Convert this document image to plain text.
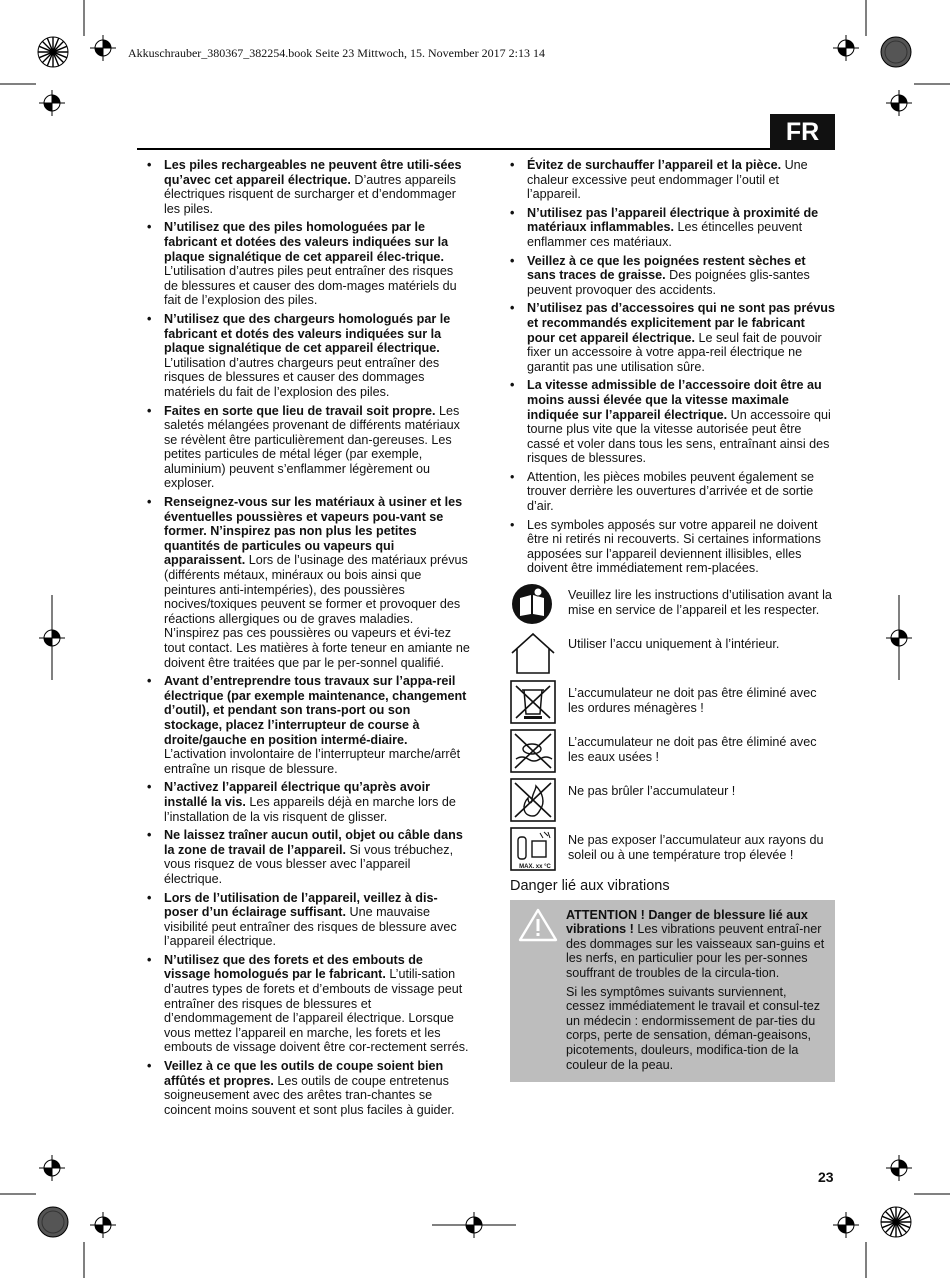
Akkuschrauber_380367_382254.book Seite 23 Mittwoch, 15. November 2017 2:13 14
FR
• Les piles rechargeables ne peuvent être utili-sées qu’avec cet appareil électrique. D’autres appareils électriques risquent de surcharger et d’endommager les piles.
• N’utilisez que des piles homologuées par le fabricant et dotées des valeurs indiquées sur la plaque signalétique de cet appareil élec-trique. L’utilisation d’autres piles peut entraîner des risques de blessures et causer des dom-mages matériels du fait de l’explosion des piles.
• N’utilisez que des chargeurs homologués par le fabricant et dotés des valeurs indiquées sur la plaque signalétique de cet appareil électrique. L’utilisation d’autres chargeurs peut entraîner des risques de blessures et causer des dommages matériels du fait de l’explosion des piles.
• Faites en sorte que lieu de travail soit propre. Les saletés mélangées provenant de différents matériaux se révèlent être particulièrement dan-gereuses. Les petites particules de métal léger (par exemple, aluminium) peuvent s’enflammer légèrement ou exploser.
• Renseignez-vous sur les matériaux à usiner et les éventuelles poussières et vapeurs pou-vant se former. N’inspirez pas non plus les petites quantités de particules ou vapeurs qui apparaissent. Lors de l’usinage des matériaux prévus (différents métaux, minéraux ou bois ainsi que peintures anti-intempéries), des poussières nocives/toxiques peuvent se former et provoquer des réactions allergiques ou de graves maladies. N’inspirez pas ces poussières ou vapeurs et évi-tez tout contact. Les matières à forte teneur en amiante ne doivent être traitées que par le per-sonnel qualifié.
• Avant d’entreprendre tous travaux sur l’appa-reil électrique (par exemple maintenance, changement d’outil), et pendant son trans-port ou son stockage, placez l’interrupteur de course à droite/gauche en position intermé-diaire. L’activation involontaire de l’interrupteur marche/arrêt entraîne un risque de blessure.
• N’activez l’appareil électrique qu’après avoir installé la vis. Les appareils déjà en marche lors de l’installation de la vis risquent de glisser.
• Ne laissez traîner aucun outil, objet ou câble dans la zone de travail de l’appareil. Si vous trébuchez, vous risquez de vous blesser avec l’appareil électrique.
• Lors de l’utilisation de l’appareil, veillez à dis-poser d’un éclairage suffisant. Une mauvaise visibilité peut entraîner des risques de blessure avec l’appareil électrique.
• N’utilisez que des forets et des embouts de vissage homologués par le fabricant. L’utili-sation d’autres types de forets et d’embouts de vissage peut entraîner des risques de blessures et d’endommagement de l’appareil électrique. Lorsque vous mettez l’appareil en marche, les forets et les embouts de vissage doivent être cor-rectement serrés.
• Veillez à ce que les outils de coupe soient bien affûtés et propres. Les outils de coupe entretenus soigneusement avec des arêtes tran-chantes se coincent moins souvent et sont plus faciles à guider.
• Évitez de surchauffer l’appareil et la pièce. Une chaleur excessive peut endommager l’outil et l’appareil.
• N’utilisez pas l’appareil électrique à proximité de matériaux inflammables. Les étincelles peuvent enflammer ces matériaux.
• Veillez à ce que les poignées restent sèches et sans traces de graisse. Des poignées glis-santes peuvent provoquer des accidents.
• N’utilisez pas d’accessoires qui ne sont pas prévus et recommandés explicitement par le fabricant pour cet appareil électrique. Le seul fait de pouvoir fixer un accessoire à votre appa-reil électrique ne garantit pas une utilisation sûre.
• La vitesse admissible de l’accessoire doit être au moins aussi élevée que la vitesse maximale indiquée sur l’appareil électrique. Un accessoire qui tourne plus vite que la vitesse autorisée peut être cassé et voler dans tous les sens, entraînant ainsi des risques de blessures.
• Attention, les pièces mobiles peuvent également se trouver derrière les ouvertures d’arrivée et de sortie d’air.
• Les symboles apposés sur votre appareil ne doivent être ni retirés ni recouverts. Si certaines informations apposées sur l’appareil deviennent illisibles, elles doivent être immédiatement rem-placées.
Veuillez lire les instructions d’utilisation avant la mise en service de l’appareil et les respecter.
Utiliser l’accu uniquement à l’intérieur.
L’accumulateur ne doit pas être éliminé avec les ordures ménagères !
L’accumulateur ne doit pas être éliminé avec les eaux usées !
Ne pas brûler l’accumulateur !
MAX. xx °C
Ne pas exposer l’accumulateur aux rayons du soleil ou à une température trop élevée !
Danger lié aux vibrations

ATTENTION ! Danger de blessure lié aux vibrations ! Les vibrations peuvent entraî-ner des dommages sur les vaisseaux san-guins et les nerfs, en particulier pour les per-sonnes souffrant de troubles de la circula-tion.

Si les symptômes suivants surviennent, cessez immédiatement le travail et consul-tez un médecin : endormissement de par-ties du corps, perte de sensation, déman-geaisons, picotements, douleurs, modifica-tion de la couleur de la peau.

23
